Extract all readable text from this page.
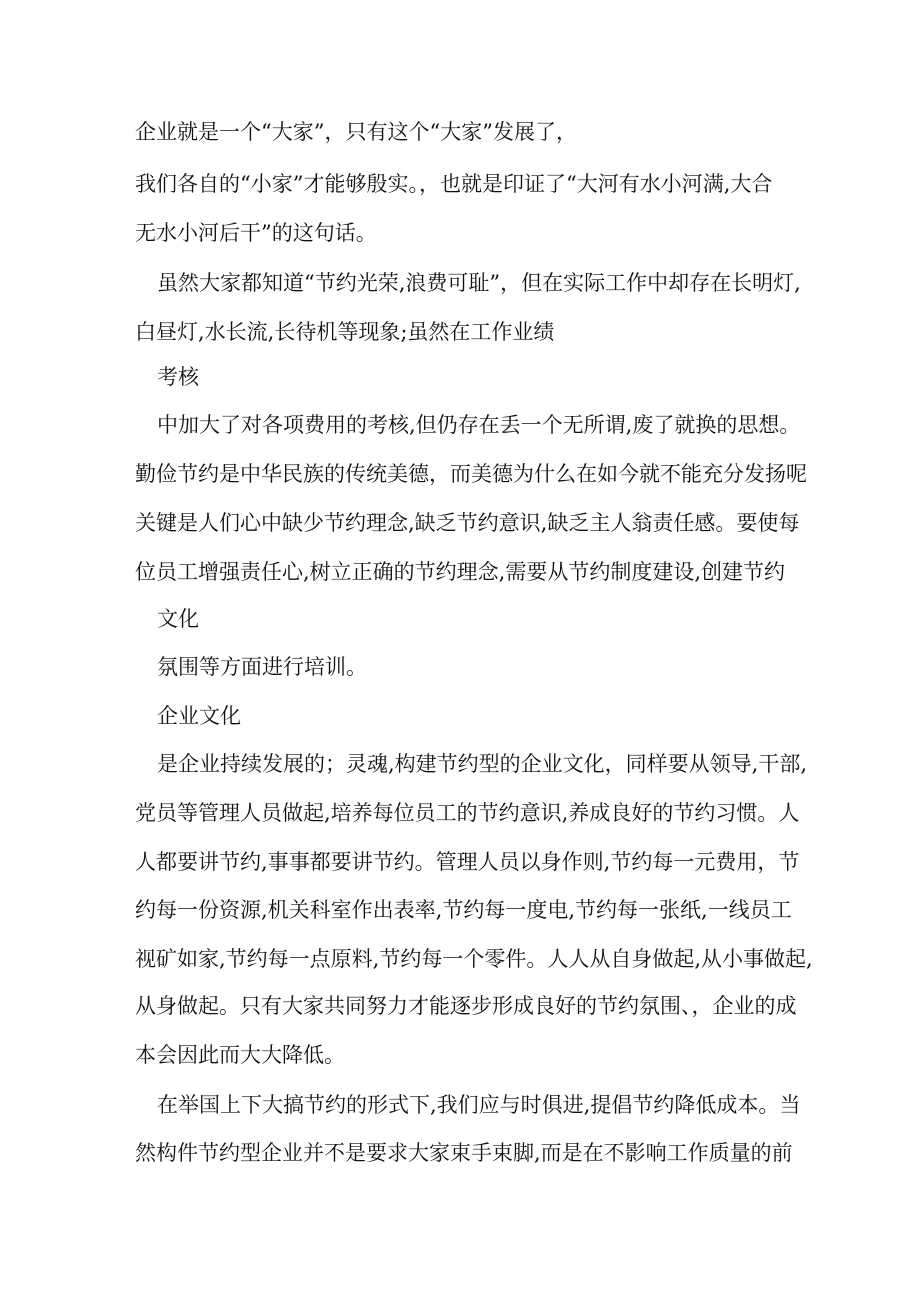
企业就是一个“大家”，只有这个“大家”发展了，
我们各自的“小家”才能够殷实。，也就是印证了“大河有水小河满,大合
无水小河后干”的这句话。
虽然大家都知道“节约光荣,浪费可耻”，但在实际工作中却存在长明灯,
白昼灯,水长流,长待机等现象;虽然在工作业绩
考核
中加大了对各项费用的考核,但仍存在丢一个无所谓,废了就换的思想。
勤俭节约是中华民族的传统美德，而美德为什么在如今就不能充分发扬呢
关键是人们心中缺少节约理念,缺乏节约意识,缺乏主人翁责任感。要使每
位员工增强责任心,树立正确的节约理念,需要从节约制度建设,创建节约
文化
氛围等方面进行培训。
企业文化
是企业持续发展的；灵魂,构建节约型的企业文化，同样要从领导,干部,
党员等管理人员做起,培养每位员工的节约意识,养成良好的节约习惯。人
人都要讲节约,事事都要讲节约。管理人员以身作则,节约每一元费用，节
约每一份资源,机关科室作出表率,节约每一度电,节约每一张纸,一线员工
视矿如家,节约每一点原料,节约每一个零件。人人从自身做起,从小事做起,
从身做起。只有大家共同努力才能逐步形成良好的节约氛围、，企业的成
本会因此而大大降低。
在举国上下大搞节约的形式下,我们应与时俱进,提倡节约降低成本。当
然构件节约型企业并不是要求大家束手束脚,而是在不影响工作质量的前
